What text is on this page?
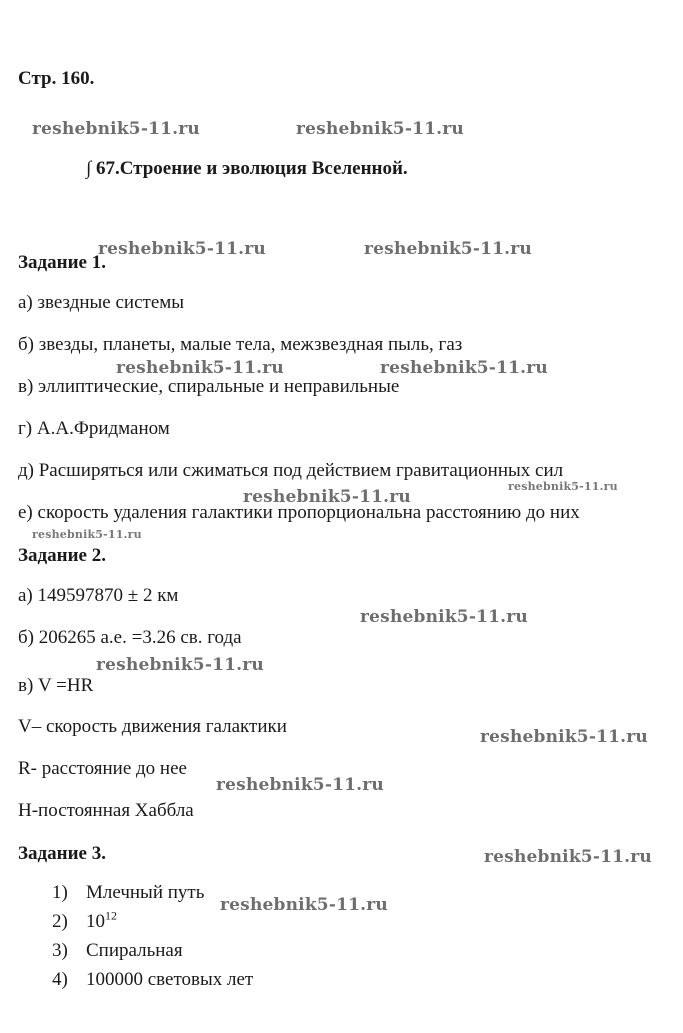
Стр. 160.
∫ 67.Строение и эволюция Вселенной.
Задание 1.
а) звездные системы
б) звезды, планеты, малые тела, межзвездная пыль, газ
в) эллиптические, спиральные и неправильные
г) А.А.Фридманом
д) Расширяться или сжиматься под действием гравитационных сил
е) скорость удаления галактики пропорциональна расстоянию до них
Задание 2.
а) 149597870 ± 2 км
б) 206265 а.е. =3.26 св. года
в) V =HR
V– скорость движения галактики
R- расстояние до нее
H-постоянная Хаббла
Задание 3.
1) Млечный путь
2) $10^{12}$
3) Спиральная
4) 100000 световых лет
reshebnik5-11.ru	reshebnik5-11.ru
reshebnik5-11.ru	reshebnik5-11.ru
reshebnik5-11.ru	reshebnik5-11.ru
reshebnik5-11.ru
reshebnik5-11.ru
reshebnik5-11.ru
reshebnik5-11.ru
reshebnik5-11.ru
reshebnik5-11.ru
reshebnik5-11.ru
reshebnik5-11.ru
reshebnik5-11.ru
